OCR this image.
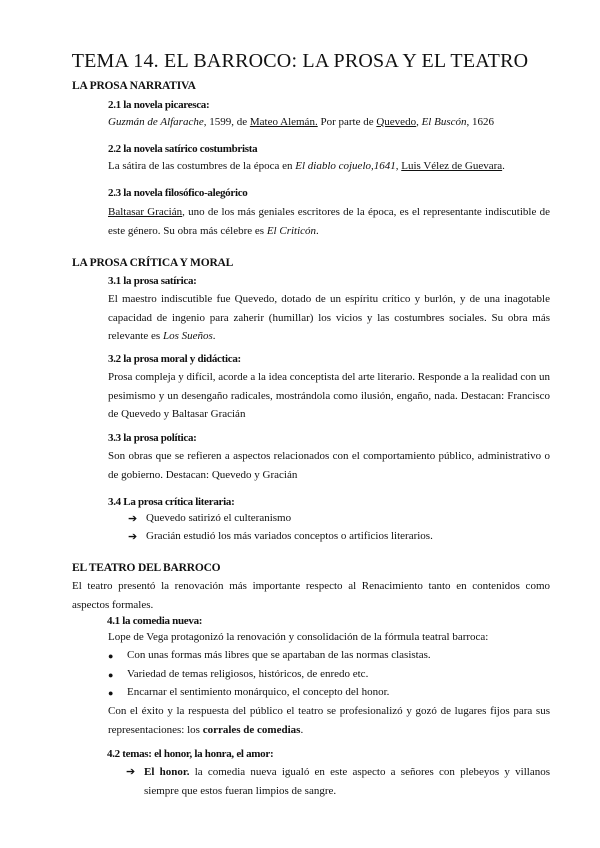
TEMA 14. EL BARROCO: LA PROSA Y EL TEATRO
LA PROSA NARRATIVA
2.1 la novela picaresca:
Guzmán de Alfarache, 1599, de Mateo Alemán. Por parte de Quevedo, El Buscón, 1626
2.2 la novela satírico costumbrista
La sátira de las costumbres de la época en El diablo cojuelo,1641, Luis Vélez de Guevara.
2.3 la novela filosófico-alegórico
Baltasar Gracián, uno de los más geniales escritores de la época, es el representante indiscutible de este género. Su obra más célebre es El Criticón.
LA PROSA CRÍTICA Y MORAL
3.1 la prosa satírica:
El maestro indiscutible fue Quevedo, dotado de un espíritu crítico y burlón, y de una inagotable capacidad de ingenio para zaherir (humillar) los vicios y las costumbres sociales. Su obra más relevante es Los Sueños.
3.2 la prosa moral y didáctica:
Prosa compleja y difícil, acorde a la idea conceptista del arte literario. Responde a la realidad con un pesimismo y un desengaño radicales, mostrándola como ilusión, engaño, nada. Destacan: Francisco de Quevedo y Baltasar Gracián
3.3 la prosa política:
Son obras que se refieren a aspectos relacionados con el comportamiento público, administrativo o de gobierno. Destacan: Quevedo y Gracián
3.4 La prosa crítica literaria:
➔ Quevedo satirizó el culteranismo
➔ Gracián estudió los más variados conceptos o artificios literarios.
EL TEATRO DEL BARROCO
El teatro presentó la renovación más importante respecto al Renacimiento tanto en contenidos como aspectos formales.
4.1 la comedia nueva:
Lope de Vega protagonizó la renovación y consolidación de la fórmula teatral barroca:
● Con unas formas más libres que se apartaban de las normas clasistas.
● Variedad de temas religiosos, históricos, de enredo etc.
● Encarnar el sentimiento monárquico, el concepto del honor.
Con el éxito y la respuesta del público el teatro se profesionalizó y gozó de lugares fijos para sus representaciones: los corrales de comedias.
4.2 temas: el honor, la honra, el amor:
➔ El honor. la comedia nueva igualó en este aspecto a señores con plebeyos y villanos siempre que estos fueran limpios de sangre.
